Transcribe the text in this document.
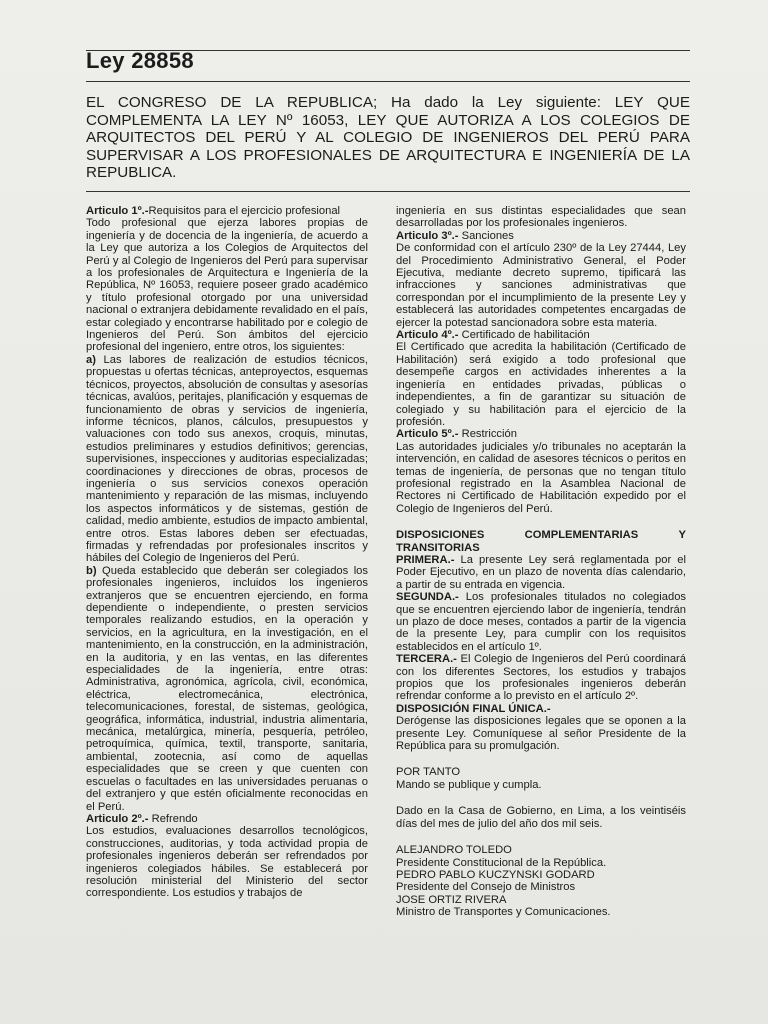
Ley 28858
EL CONGRESO DE LA REPUBLICA; Ha dado la Ley siguiente: LEY QUE COMPLEMENTA LA LEY Nº 16053, LEY QUE AUTORIZA A LOS COLEGIOS DE ARQUITECTOS DEL PERÚ Y AL COLEGIO DE INGENIEROS DEL PERÚ PARA SUPERVISAR A LOS PROFESIONALES DE ARQUITECTURA E INGENIERÍA DE LA REPUBLICA.

Articulo 1º.-Requisitos para el ejercicio profesional

Todo profesional que ejerza labores propias de ingeniería y de docencia de la ingeniería, de acuerdo a la Ley que autoriza a los Colegios de Arquitectos del Perú y al Colegio de Ingenieros del Perú para supervisar a los profesionales de Arquitectura e Ingeniería de la República, Nº 16053, requiere poseer grado académico y título profesional otorgado por una universidad nacional o extranjera debidamente revalidado en el país, estar colegiado y encontrarse habilitado por e colegio de Ingenieros del Perú. Son ámbitos del ejercicio profesional del ingeniero, entre otros, los siguientes:

a) Las labores de realización de estudios técnicos, propuestas u ofertas técnicas, anteproyectos, esquemas técnicos, proyectos, absolución de consultas y asesorías técnicas, avalúos, peritajes, planificación y esquemas de funcionamiento de obras y servicios de ingeniería, informe técnicos, planos, cálculos, presupuestos y valuaciones con todo sus anexos, croquis, minutas, estudios preliminares y estudios definitivos; gerencias, supervisiones, inspecciones y auditorias especializadas; coordinaciones y direcciones de obras, procesos de ingeniería o sus servicios conexos operación mantenimiento y reparación de las mismas, incluyendo los aspectos informáticos y de sistemas, gestión de calidad, medio ambiente, estudios de impacto ambiental, entre otros. Estas labores deben ser efectuadas, firmadas y refrendadas por profesionales inscritos y hábiles del Colegio de Ingenieros del Perú.

b) Queda establecido que deberán ser colegiados los profesionales ingenieros, incluidos los ingenieros extranjeros que se encuentren ejerciendo, en forma dependiente o independiente, o presten servicios temporales realizando estudios, en la operación y servicios, en la agricultura, en la investigación, en el mantenimiento, en la construcción, en la administración, en la auditoria, y en las ventas, en las diferentes especialidades de la ingeniería, entre otras: Administrativa, agronómica, agrícola, civil, económica, eléctrica, electromecánica, electrónica, telecomunicaciones, forestal, de sistemas, geológica, geográfica, informática, industrial, industria alimentaria, mecánica, metalúrgica, minería, pesquería, petróleo, petroquímica, química, textil, transporte, sanitaria, ambiental, zootecnia, así como de aquellas especialidades que se creen y que cuenten con escuelas o facultades en las universidades peruanas o del extranjero y que estén oficialmente reconocidas en el Perú.

Articulo 2º.- Refrendo

Los estudios, evaluaciones desarrollos tecnológicos, construcciones, auditorias, y toda actividad propia de profesionales ingenieros deberán ser refrendados por ingenieros colegiados hábiles. Se establecerá por resolución ministerial del Ministerio del sector correspondiente. Los estudios y trabajos de

ingeniería en sus distintas especialidades que sean desarrolladas por los profesionales ingenieros.

Articulo 3º.- Sanciones

De conformidad con el artículo 230º de la Ley 27444, Ley del Procedimiento Administrativo General, el Poder Ejecutiva, mediante decreto supremo, tipificará las infracciones y sanciones administrativas que correspondan por el incumplimiento de la presente Ley y establecerá las autoridades competentes encargadas de ejercer la potestad sancionadora sobre esta materia.

Articulo 4º.- Certificado de habilitación

El Certificado que acredita la habilitación (Certificado de Habilitación) será exigido a todo profesional que desempeñe cargos en actividades inherentes a la ingeniería en entidades privadas, públicas o independientes, a fin de garantizar su situación de colegiado y su habilitación para el ejercicio de la profesión.

Articulo 5º.- Restricción

Las autoridades judiciales y/o tribunales no aceptarán la intervención, en calidad de asesores técnicos o peritos en temas de ingeniería, de personas que no tengan título profesional registrado en la Asamblea Nacional de Rectores ni Certificado de Habilitación expedido por el Colegio de Ingenieros del Perú.

DISPOSICIONES	COMPLEMENTARIAS	Y

TRANSITORIAS

PRIMERA.- La presente Ley será reglamentada por el Poder Ejecutivo, en un plazo de noventa días calendario, a partir de su entrada en vigencia.

SEGUNDA.- Los profesionales titulados no colegiados que se encuentren ejerciendo labor de ingeniería, tendrán un plazo de doce meses, contados a partir de la vigencia de la presente Ley, para cumplir con los requisitos establecidos en el artículo 1º.

TERCERA.- El Colegio de Ingenieros del Perú coordinará con los diferentes Sectores, los estudios y trabajos propios que los profesionales ingenieros deberán refrendar conforme a lo previsto en el artículo 2º.

DISPOSICIÓN FINAL ÚNICA.-

Derógense las disposiciones legales que se oponen a la presente Ley. Comuníquese al señor Presidente de la República para su promulgación.

POR TANTO

Mando se publique y cumpla.

Dado en la Casa de Gobierno, en Lima, a los veintiséis días del mes de julio del año dos mil seis.

ALEJANDRO TOLEDO

Presidente Constitucional de la República.

PEDRO PABLO KUCZYNSKI GODARD

Presidente del Consejo de Ministros

JOSE ORTIZ RIVERA

Ministro de Transportes y Comunicaciones.
